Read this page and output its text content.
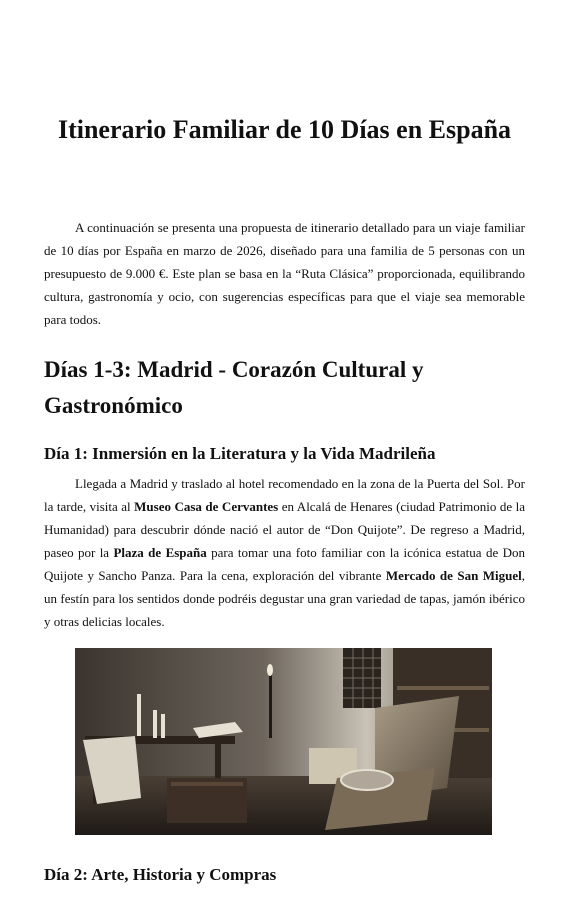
Itinerario Familiar de 10 Días en España

A continuación se presenta una propuesta de itinerario detallado para un viaje familiar de 10 días por España en marzo de 2026, diseñado para una familia de 5 personas con un presupuesto de 9.000 €. Este plan se basa en la “Ruta Clásica” proporcionada, equilibrando cultura, gastronomía y ocio, con sugerencias específicas para que el viaje sea memorable para todos.

Días 1-3: Madrid - Corazón Cultural y Gastronómico
Día 1: Inmersión en la Literatura y la Vida Madrileña

Llegada a Madrid y traslado al hotel recomendado en la zona de la Puerta del Sol. Por la tarde, visita al Museo Casa de Cervantes en Alcalá de Henares (ciudad Patrimonio de la Humanidad) para descubrir dónde nació el autor de “Don Quijote”. De regreso a Madrid, paseo por la Plaza de España para tomar una foto familiar con la icónica estatua de Don Quijote y Sancho Panza. Para la cena, exploración del vibrante Mercado de San Miguel, un festín para los sentidos donde podréis degustar una gran variedad de tapas, jamón ibérico y otras delicias locales.

Día 2: Arte, Historia y Compras
